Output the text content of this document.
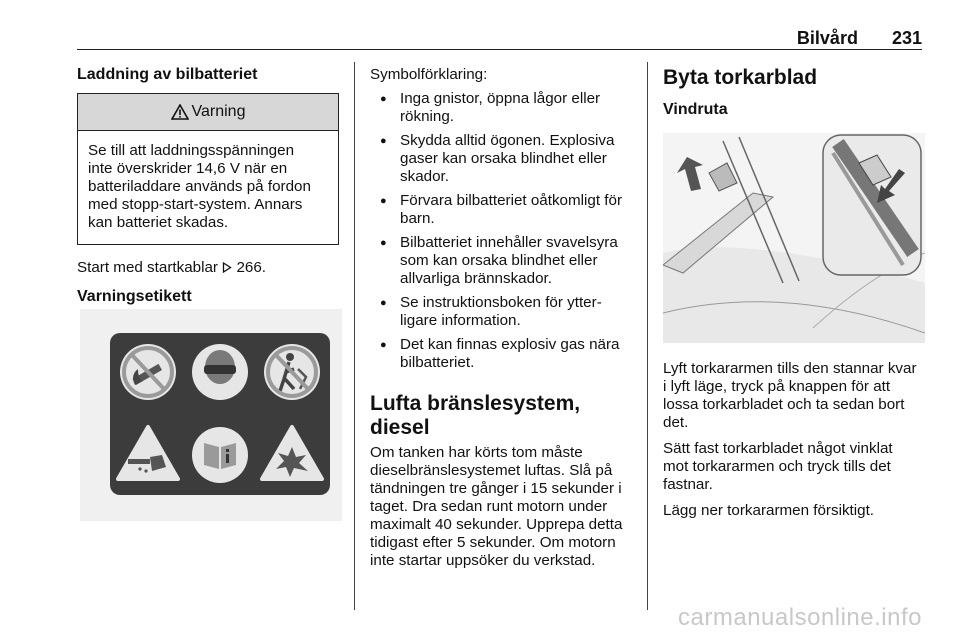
Bilvård 231

Laddning av bilbatteriet

Varning
Se till att laddningsspänningen
inte överskrider 14,6 V när en
batteriladdare används på fordon
med stopp-start-system. Annars
kan batteriet skadas.

Start med startkablar 266.

Varningsetikett

Symbolförklaring:

● Inga gnistor, öppna lågor eller
rökning.
● Skydda alltid ögonen. Explosiva
gaser kan orsaka blindhet eller
skador.
● Förvara bilbatteriet oåtkomligt för
barn.
● Bilbatteriet innehåller svavelsyra
som kan orsaka blindhet eller
allvarliga brännskador.
● Se instruktionsboken för ytter-
ligare information.
● Det kan finnas explosiv gas nära
bilbatteriet.

Lufta bränslesystem, diesel

Om tanken har körts tom måste
dieselbränslesystemet luftas. Slå på
tändningen tre gånger i 15 sekunder i
taget. Dra sedan runt motorn under
maximalt 40 sekunder. Upprepa detta
tidigast efter 5 sekunder. Om motorn
inte startar uppsöker du verkstad.

Byta torkarblad

Vindruta

Lyft torkararmen tills den stannar kvar
i lyft läge, tryck på knappen för att
lossa torkarbladet och ta sedan bort
det.
Sätt fast torkarbladet något vinklat
mot torkararmen och tryck tills det
fastnar.

Lägg ner torkararmen försiktigt.

carmanualsonline.info
